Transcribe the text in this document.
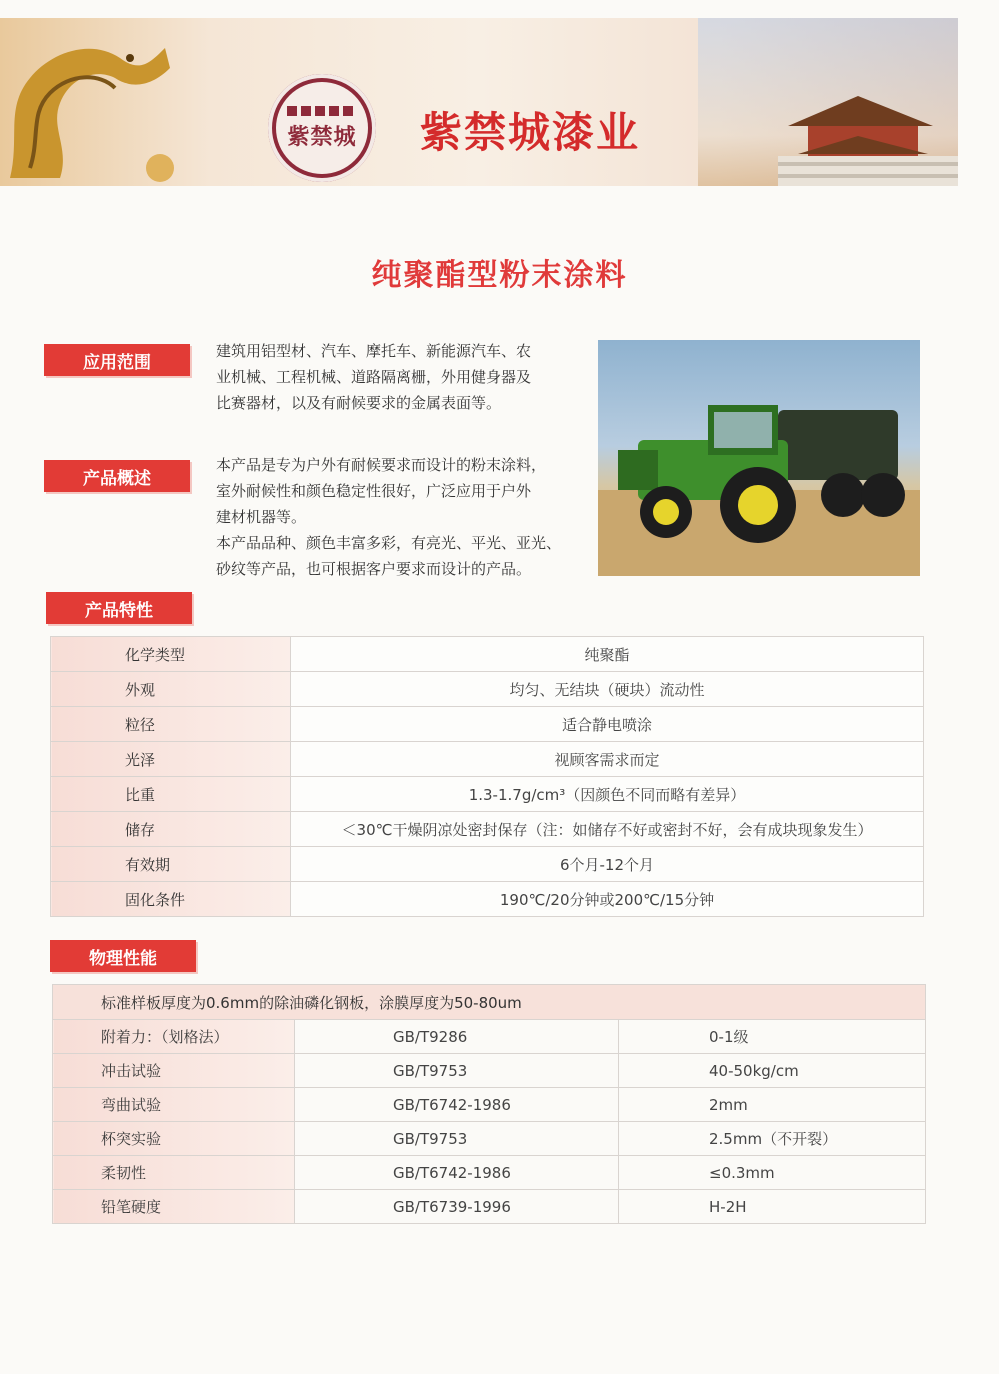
紫禁城 紫禁城漆业
纯聚酯型粉末涂料
应用范围
建筑用铝型材、汽车、摩托车、新能源汽车、农
业机械、工程机械、道路隔离栅，外用健身器及
比赛器材，以及有耐候要求的金属表面等。
产品概述
本产品是专为户外有耐候要求而设计的粉末涂料，
室外耐候性和颜色稳定性很好，广泛应用于户外
建材机器等。
本产品品种、颜色丰富多彩，有亮光、平光、亚光、
砂纹等产品，也可根据客户要求而设计的产品。
产品特性
化学类型	纯聚酯
外观	均匀、无结块（硬块）流动性
粒径	适合静电喷涂
光泽	视顾客需求而定
比重	1.3-1.7g/cm³（因颜色不同而略有差异）
储存	＜30℃干燥阴凉处密封保存（注：如储存不好或密封不好，会有成块现象发生）
有效期	6个月-12个月
固化条件	190℃/20分钟或200℃/15分钟
物理性能
标准样板厚度为0.6mm的除油磷化钢板，涂膜厚度为50-80um		
附着力：（划格法）	GB/T9286	0-1级
冲击试验	GB/T9753	40-50kg/cm
弯曲试验	GB/T6742-1986	2mm
杯突实验	GB/T9753	2.5mm（不开裂）
柔韧性	GB/T6742-1986	≤0.3mm
铅笔硬度	GB/T6739-1996	H-2H
